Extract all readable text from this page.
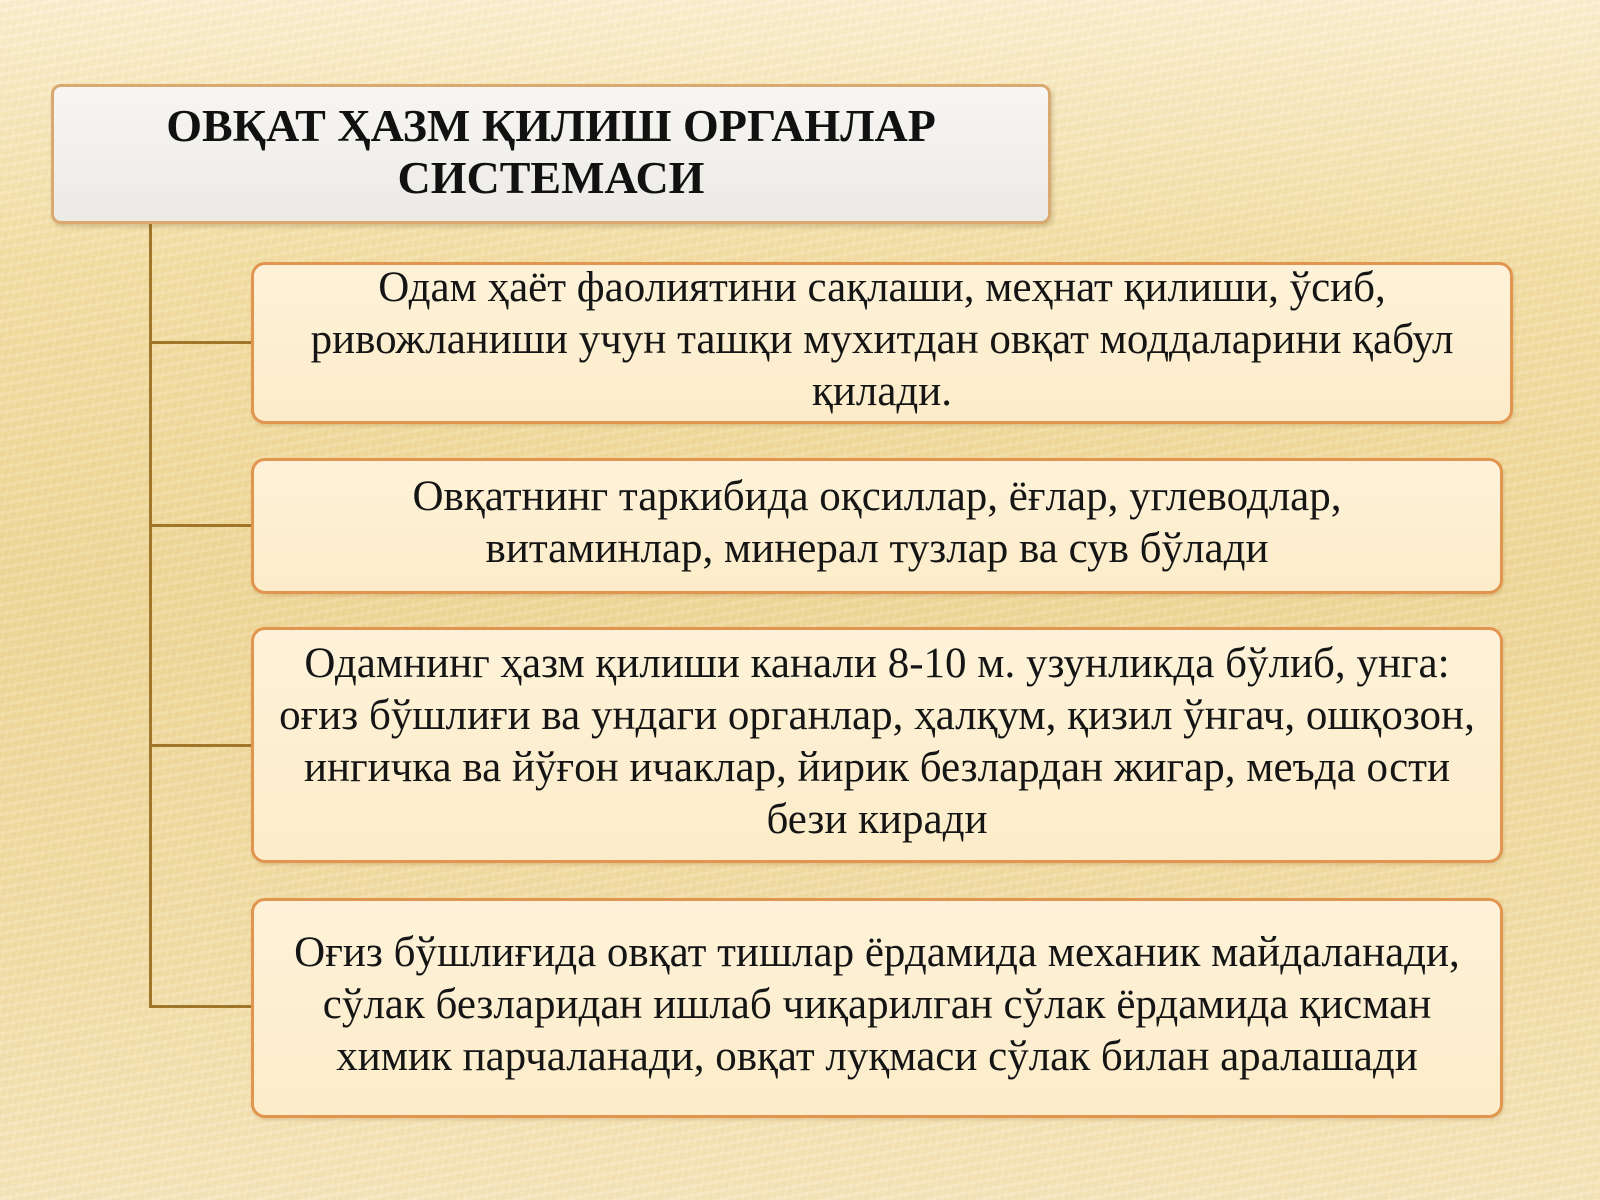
ОВҚАТ ҲАЗМ ҚИЛИШ ОРГАНЛАР СИСТЕМАСИ
Одам ҳаёт фаолиятини сақлаши, меҳнат қилиши, ўсиб, ривожланиши учун ташқи мухитдан овқат моддаларини қабул қилади.
Овқатнинг таркибида оқсиллар, ёғлар, углеводлар, витаминлар, минерал тузлар ва сув бўлади
Одамнинг ҳазм қилиши канали 8-10 м. узунликда бўлиб, унга: оғиз бўшлиғи ва ундаги органлар, ҳалқум, қизил ўнгач, ошқозон, ингичка ва йўғон ичаклар, йирик безлардан жигар, меъда ости бези киради
Оғиз бўшлиғида овқат тишлар ёрдамида механик майдаланади, сўлак безларидан ишлаб чиқарилган сўлак ёрдамида қисман химик парчаланади, овқат луқмаси сўлак билан аралашади
